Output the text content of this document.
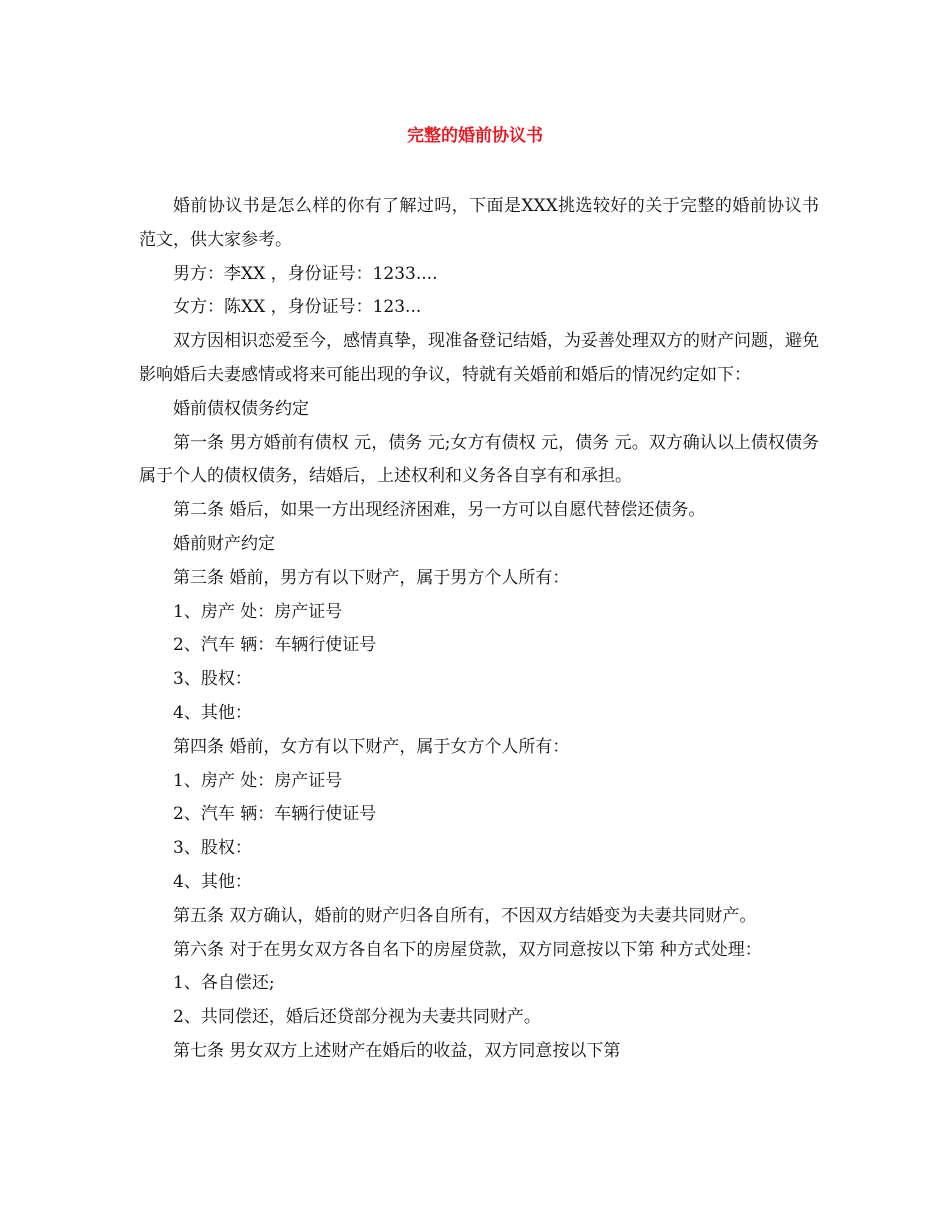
完整的婚前协议书

婚前协议书是怎么样的你有了解过吗，下面是XXX挑选较好的关于完整的婚前协议书范文，供大家参考。

男方：李XX ，身份证号：1233....

女方：陈XX ，身份证号：123...

双方因相识恋爱至今，感情真挚，现准备登记结婚，为妥善处理双方的财产问题，避免影响婚后夫妻感情或将来可能出现的争议，特就有关婚前和婚后的情况约定如下：

婚前债权债务约定

第一条 男方婚前有债权 元，债务 元;女方有债权 元，债务 元。双方确认以上债权债务属于个人的债权债务，结婚后，上述权利和义务各自享有和承担。

第二条 婚后，如果一方出现经济困难，另一方可以自愿代替偿还债务。

婚前财产约定

第三条 婚前，男方有以下财产，属于男方个人所有：

1、房产 处：房产证号

2、汽车 辆：车辆行使证号

3、股权：

4、其他：

第四条 婚前，女方有以下财产，属于女方个人所有：

1、房产 处：房产证号

2、汽车 辆：车辆行使证号

3、股权：

4、其他：

第五条 双方确认，婚前的财产归各自所有，不因双方结婚变为夫妻共同财产。

第六条 对于在男女双方各自名下的房屋贷款，双方同意按以下第 种方式处理：

1、各自偿还;

2、共同偿还，婚后还贷部分视为夫妻共同财产。

第七条 男女双方上述财产在婚后的收益，双方同意按以下第
